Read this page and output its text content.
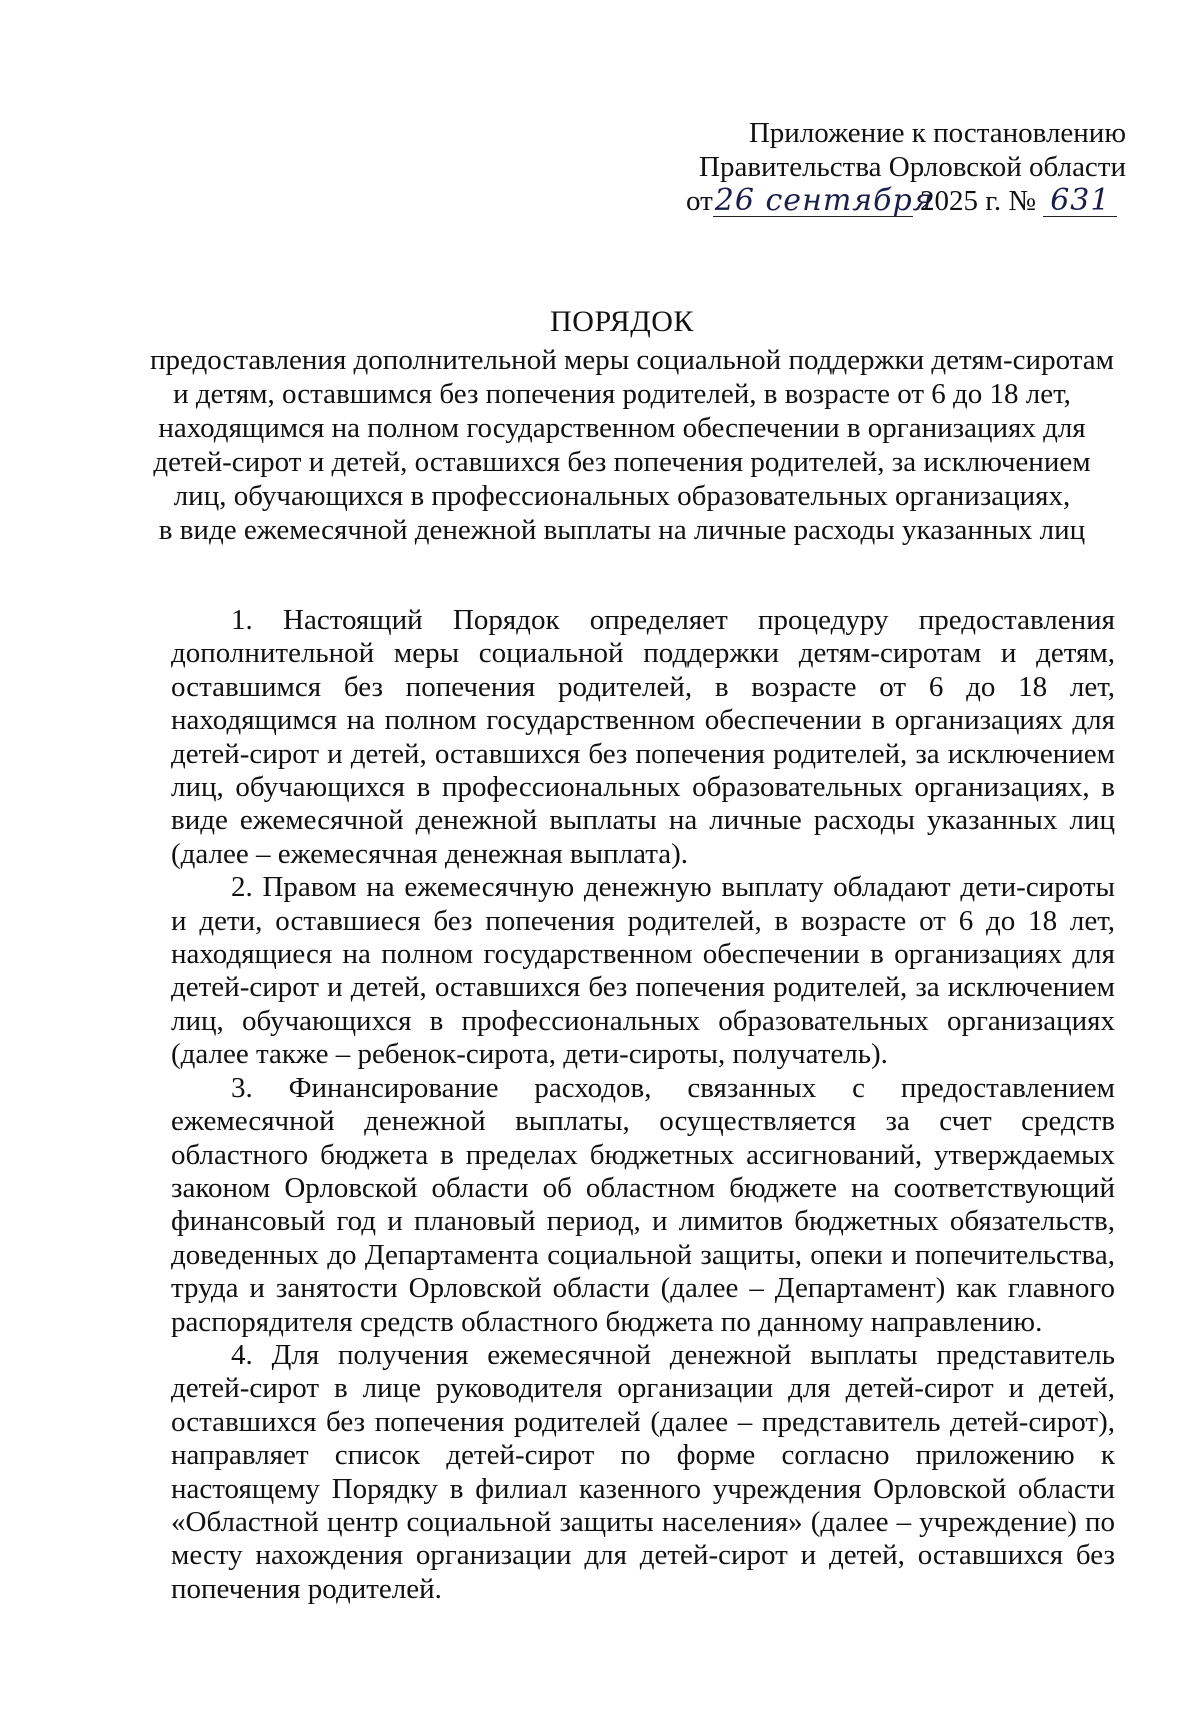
Приложение к постановлению
Правительства Орловской области
от26 сентября 2025 г. № 631
ПОРЯДОК
предоставления дополнительной меры социальной поддержки детям-сиротам
и детям, оставшимся без попечения родителей, в возрасте от 6 до 18 лет,
находящимся на полном государственном обеспечении в организациях для
детей-сирот и детей, оставшихся без попечения родителей, за исключением
лиц, обучающихся в профессиональных образовательных организациях,
в виде ежемесячной денежной выплаты на личные расходы указанных лиц

1. Настоящий Порядок определяет процедуру предоставления дополнительной меры социальной поддержки детям-сиротам и детям, оставшимся без попечения родителей, в возрасте от 6 до 18 лет, находящимся на полном государственном обеспечении в организациях для детей-сирот и детей, оставшихся без попечения родителей, за исключением лиц, обучающихся в профессиональных образовательных организациях, в виде ежемесячной денежной выплаты на личные расходы указанных лиц (далее – ежемесячная денежная выплата).

2. Правом на ежемесячную денежную выплату обладают дети-сироты и дети, оставшиеся без попечения родителей, в возрасте от 6 до 18 лет, находящиеся на полном государственном обеспечении в организациях для детей-сирот и детей, оставшихся без попечения родителей, за исключением лиц, обучающихся в профессиональных образовательных организациях (далее также – ребенок-сирота, дети-сироты, получатель).

3. Финансирование расходов, связанных с предоставлением ежемесячной денежной выплаты, осуществляется за счет средств областного бюджета в пределах бюджетных ассигнований, утверждаемых законом Орловской области об областном бюджете на соответствующий финансовый год и плановый период, и лимитов бюджетных обязательств, доведенных до Департамента социальной защиты, опеки и попечительства, труда и занятости Орловской области (далее – Департамент) как главного распорядителя средств областного бюджета по данному направлению.

4. Для получения ежемесячной денежной выплаты представитель детей-сирот в лице руководителя организации для детей-сирот и детей, оставшихся без попечения родителей (далее – представитель детей-сирот), направляет список детей-сирот по форме согласно приложению к настоящему Порядку в филиал казенного учреждения Орловской области «Областной центр социальной защиты населения» (далее – учреждение) по месту нахождения организации для детей-сирот и детей, оставшихся без попечения родителей.
